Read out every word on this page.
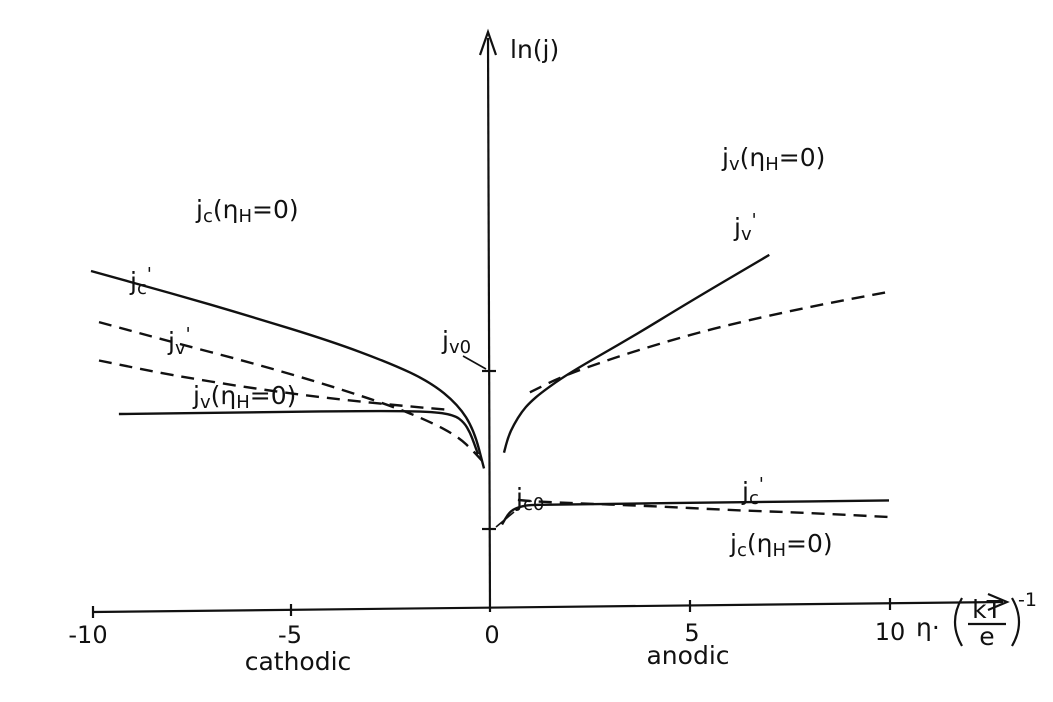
-10	-5	0	5	10
cathodic	anodic
ln(j)
η·
kT
e
-1
jc(ηH=0)
jc'
jv'
jv(ηH=0)
jv(ηH=0)
jv'
jc'
jc(ηH=0)
jv0
jc0
